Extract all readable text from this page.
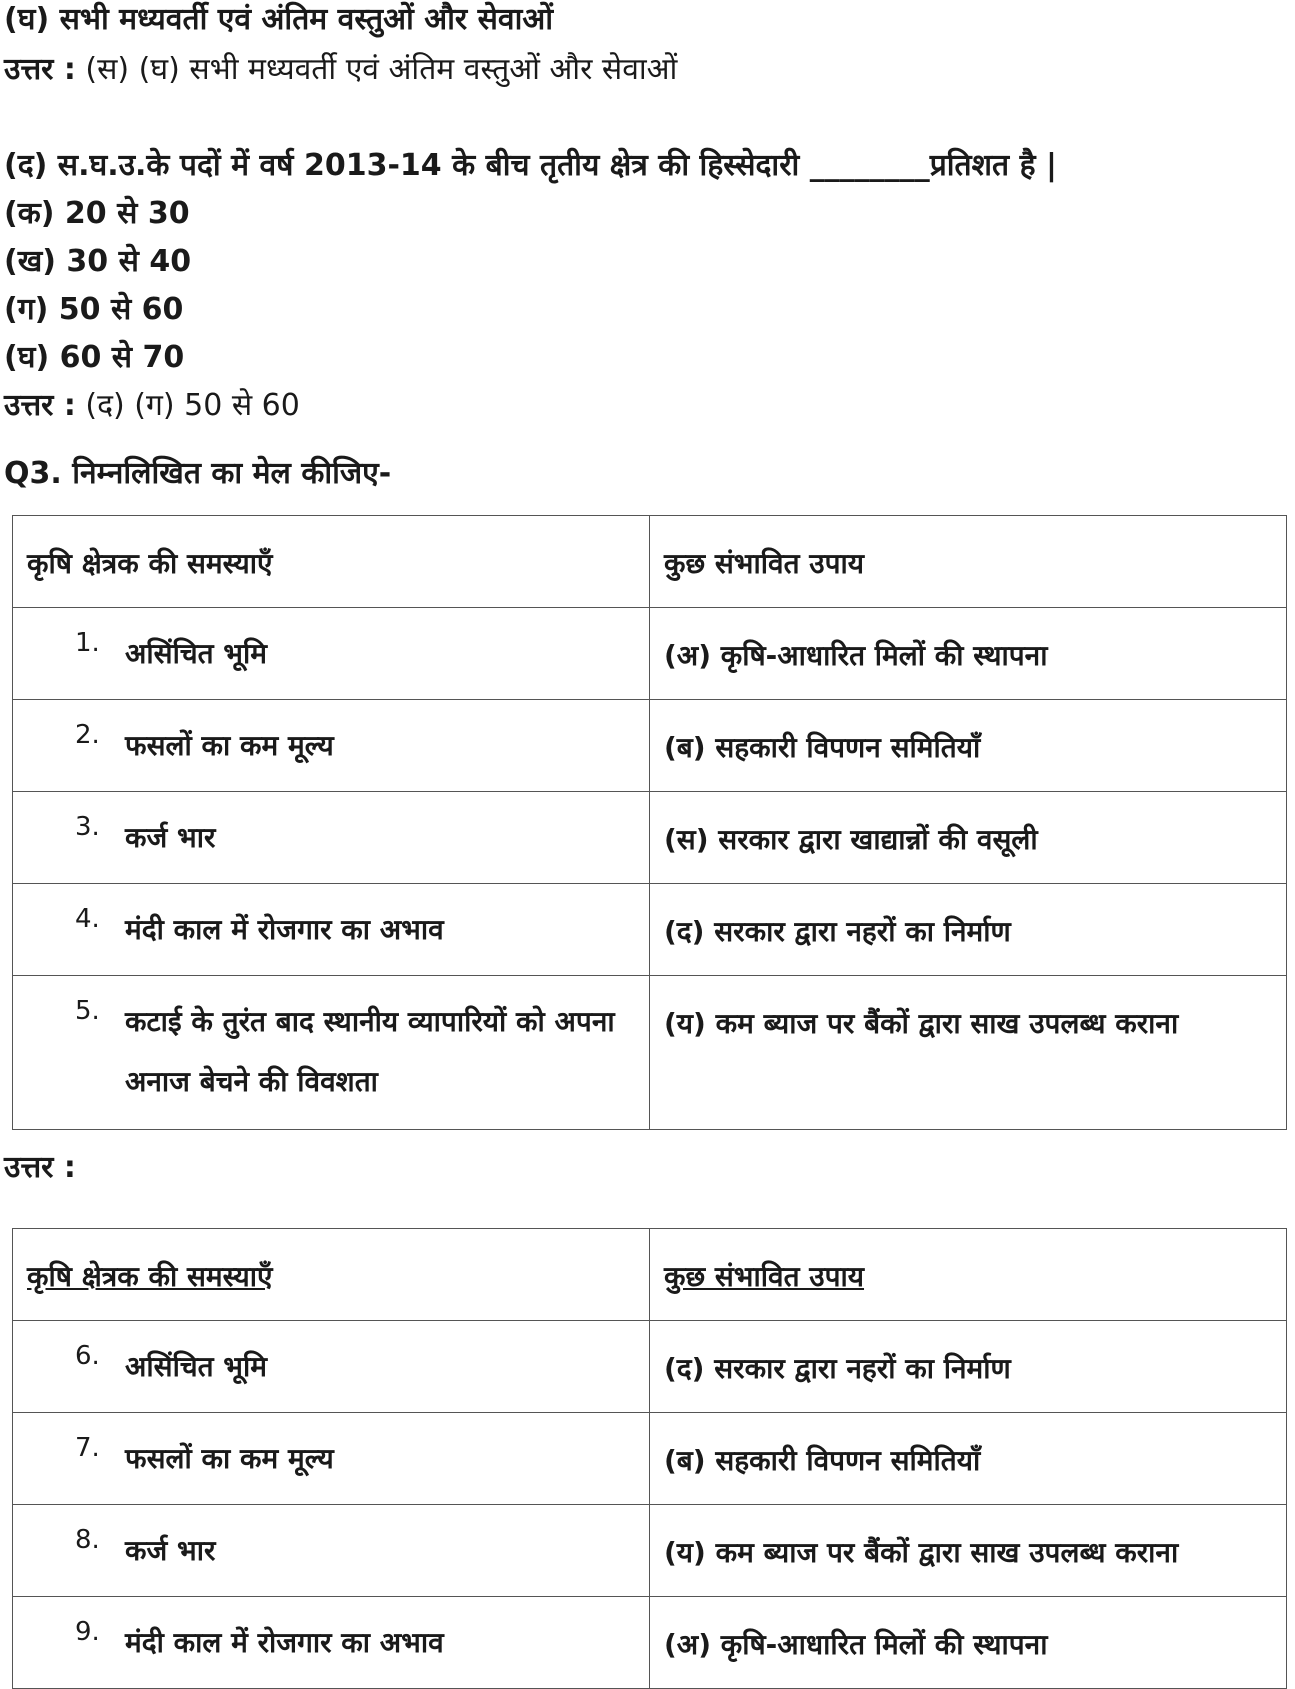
(घ) सभी मध्यवर्ती एवं अंतिम वस्तुओं और सेवाओं
उत्तर : (स) (घ) सभी मध्यवर्ती एवं अंतिम वस्तुओं और सेवाओं
(द) स.घ.उ.के पदों में वर्ष 2013-14 के बीच तृतीय क्षेत्र की हिस्सेदारी ________प्रतिशत है |
(क) 20 से 30
(ख) 30 से 40
(ग) 50 से 60
(घ) 60 से 70
उत्तर : (द) (ग) 50 से 60
Q3. निम्नलिखित का मेल कीजिए-
कृषि क्षेत्रक की समस्याएँ	कुछ संभावित उपाय

1. असिंचित भूमि	(अ) कृषि-आधारित मिलों की स्थापना

2. फसलों का कम मूल्य	(ब) सहकारी विपणन समितियाँ

3. कर्ज भार	(स) सरकार द्वारा खाद्यान्नों की वसूली

4. मंदी काल में रोजगार का अभाव	(द) सरकार द्वारा नहरों का निर्माण

5. कटाई के तुरंत बाद स्थानीय व्यापारियों को अपना अनाज बेचने की विवशता	(य) कम ब्याज पर बैंकों द्वारा साख उपलब्ध कराना
उत्तर :
कृषि क्षेत्रक की समस्याएँ	कुछ संभावित उपाय

6. असिंचित भूमि	(द) सरकार द्वारा नहरों का निर्माण

7. फसलों का कम मूल्य	(ब) सहकारी विपणन समितियाँ

8. कर्ज भार	(य) कम ब्याज पर बैंकों द्वारा साख उपलब्ध कराना

9. मंदी काल में रोजगार का अभाव	(अ) कृषि-आधारित मिलों की स्थापना
